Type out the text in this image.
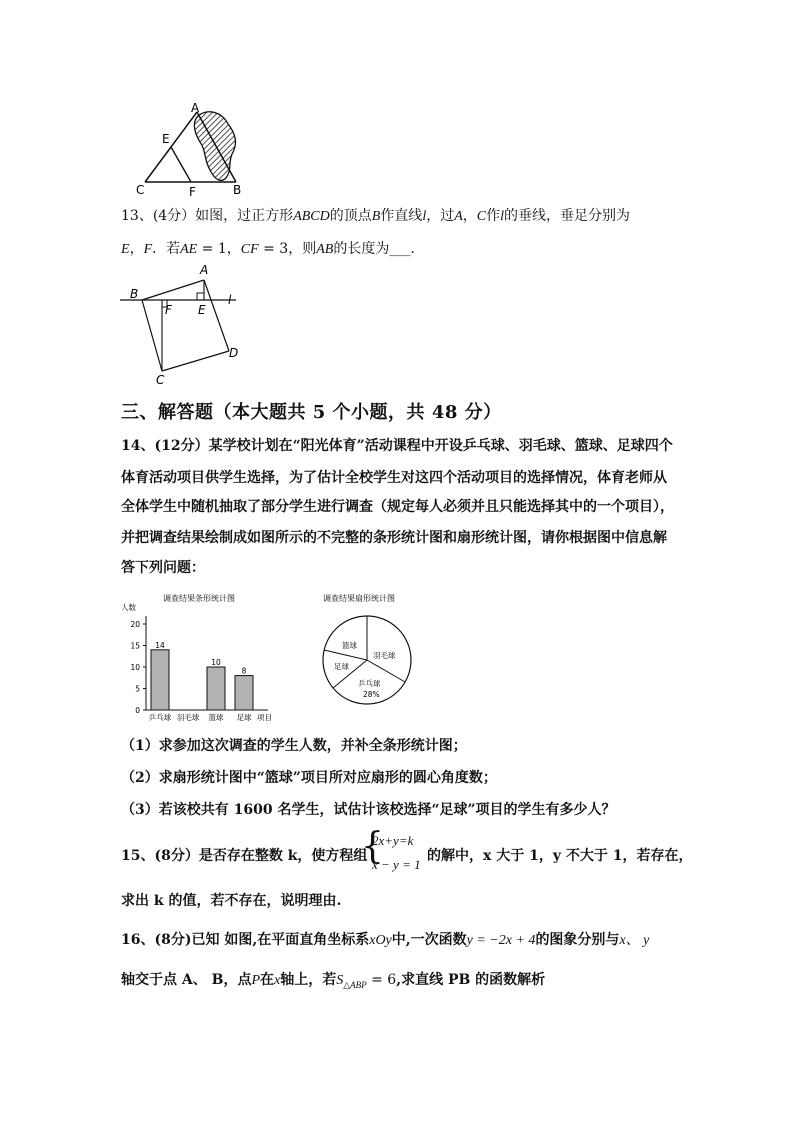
A
E
C	F	B
13、(4分）如图，过正方形ABCD的顶点B作直线l，过A，C作l的垂线，垂足分别为
E，F．若AE = 1，CF = 3，则AB的长度为___.
A
B
F E
l
C
D
三、解答题（本大题共 5 个小题，共 48 分）
14、(12分）某学校计划在“阳光体育”活动课程中开设乒乓球、羽毛球、篮球、足球四个
体育活动项目供学生选择，为了估计全校学生对这四个活动项目的选择情况，体育老师从
全体学生中随机抽取了部分学生进行调查（规定每人必须并且只能选择其中的一个项目），
并把调查结果绘制成如图所示的不完整的条形统计图和扇形统计图，请你根据图中信息解
答下列问题：
调查结果条形统计图
人数
项目
0
5
10
15
20
14
乒乓球 羽毛球
10
篮球
8
足球
调查结果扇形统计图
羽毛球
乒乓球
28%
足球
篮球
（1）求参加这次调查的学生人数，并补全条形统计图；
（2）求扇形统计图中“篮球”项目所对应扇形的圆心角度数；
（3）若该校共有 1600 名学生，试估计该校选择“足球”项目的学生有多少人？
15、(8分）是否存在整数 k，使方程组
{
2x+y=k
x − y = 1
的解中，x 大于 1，y 不大于 1，若存在，
求出 k 的值，若不存在，说明理由.
16、(8分)已知 如图,在平面直角坐标系xOy中,一次函数y = −2x + 4的图象分别与x、 y
轴交于点 A、 B，点P在x轴上，若$S_{\triangle ABP} = 6$,求直线 PB 的函数解析
